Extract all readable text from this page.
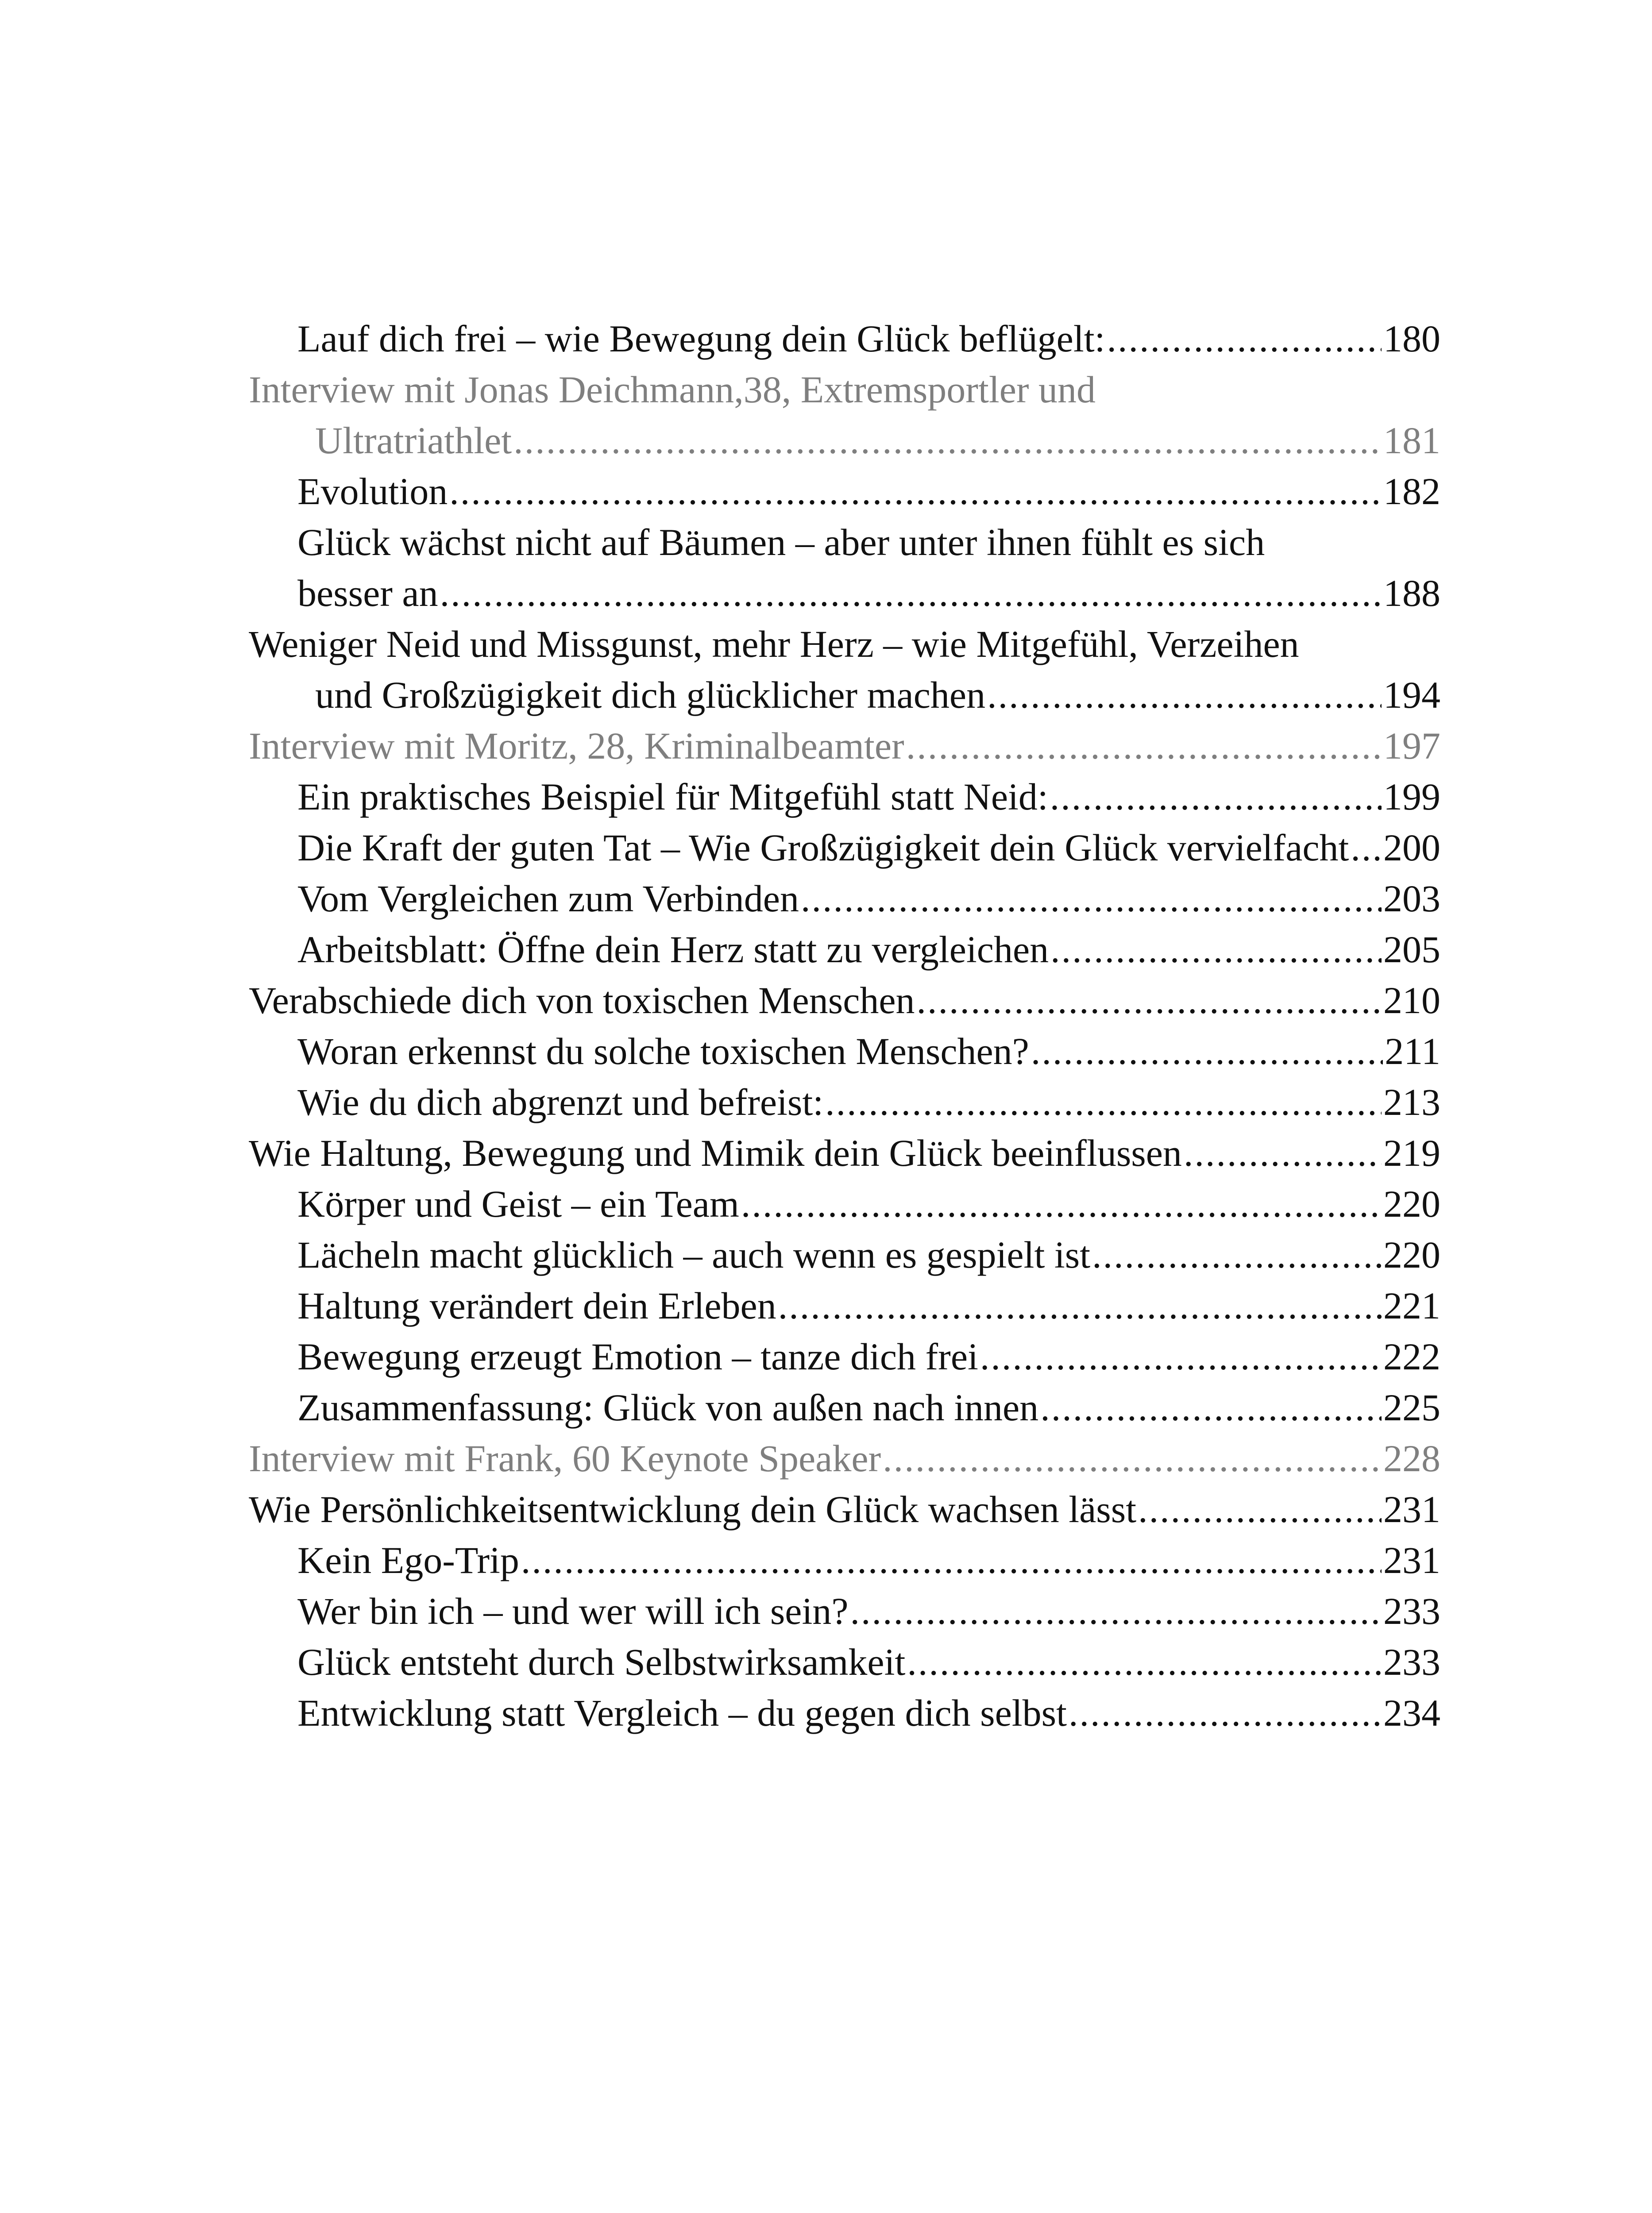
Lauf dich frei – wie Bewegung dein Glück beflügelt: .....	180
Interview mit Jonas Deichmann,38, Extremsportler und
Ultratriathlet .....	181
Evolution .....	182
Glück wächst nicht auf Bäumen – aber unter ihnen fühlt es sich
besser an .....	188
Weniger Neid und Missgunst, mehr Herz – wie Mitgefühl, Verzeihen
und Großzügigkeit dich glücklicher machen .....	194
Interview mit Moritz, 28, Kriminalbeamter .....	197
Ein praktisches Beispiel für Mitgefühl statt Neid: .....	199
Die Kraft der guten Tat – Wie Großzügigkeit dein Glück vervielfacht ..... 200
Vom Vergleichen zum Verbinden .....	203
Arbeitsblatt: Öffne dein Herz statt zu vergleichen .....	205
Verabschiede dich von toxischen Menschen .....	210
Woran erkennst du solche toxischen Menschen? .....	211
Wie du dich abgrenzt und befreist: .....	213
Wie Haltung, Bewegung und Mimik dein Glück beeinflussen .....	219
Körper und Geist – ein Team .....	220
Lächeln macht glücklich – auch wenn es gespielt ist .....	220
Haltung verändert dein Erleben .....	221
Bewegung erzeugt Emotion – tanze dich frei .....	222
Zusammenfassung: Glück von außen nach innen .....	225
Interview mit Frank, 60 Keynote Speaker .....	228
Wie Persönlichkeitsentwicklung dein Glück wachsen lässt .....	231
Kein Ego-Trip .....	231
Wer bin ich – und wer will ich sein? .....	233
Glück entsteht durch Selbstwirksamkeit .....	233
Entwicklung statt Vergleich – du gegen dich selbst .....	234
